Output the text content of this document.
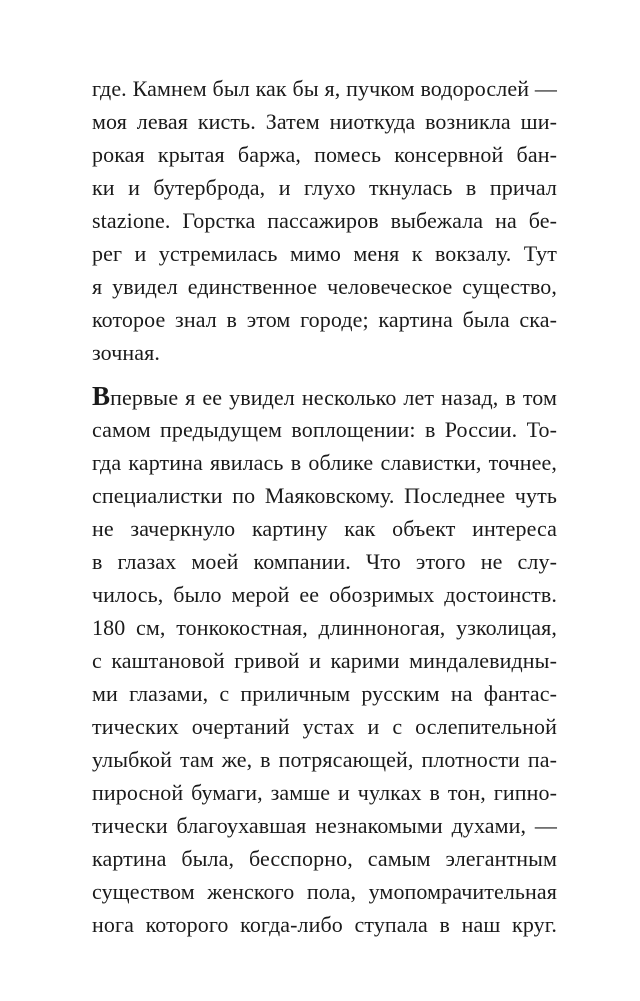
где. Камнем был как бы я, пучком водорослей —
моя левая кисть. Затем ниоткуда возникла ши-
рокая крытая баржа, помесь консервной бан-
ки и бутерброда, и глухо ткнулась в причал
stazione. Горстка пассажиров выбежала на бе-
рег и устремилась мимо меня к вокзалу. Тут
я увидел единственное человеческое существо,
которое знал в этом городе; картина была ска-
зочная.
Впервые я ее увидел несколько лет назад, в том
самом предыдущем воплощении: в России. То-
гда картина явилась в облике славистки, точнее,
специалистки по Маяковскому. Последнее чуть
не зачеркнуло картину как объект интереса
в глазах моей компании. Что этого не слу-
чилось, было мерой ее обозримых достоинств.
180 см, тонкокостная, длинноногая, узколицая,
с каштановой гривой и карими миндалевидны-
ми глазами, с приличным русским на фантас-
тических очертаний устах и с ослепительной
улыбкой там же, в потрясающей, плотности па-
пиросной бумаги, замше и чулках в тон, гипно-
тически благоухавшая незнакомыми духами, —
картина была, бесспорно, самым элегантным
существом женского пола, умопомрачительная
нога которого когда-либо ступала в наш круг.
